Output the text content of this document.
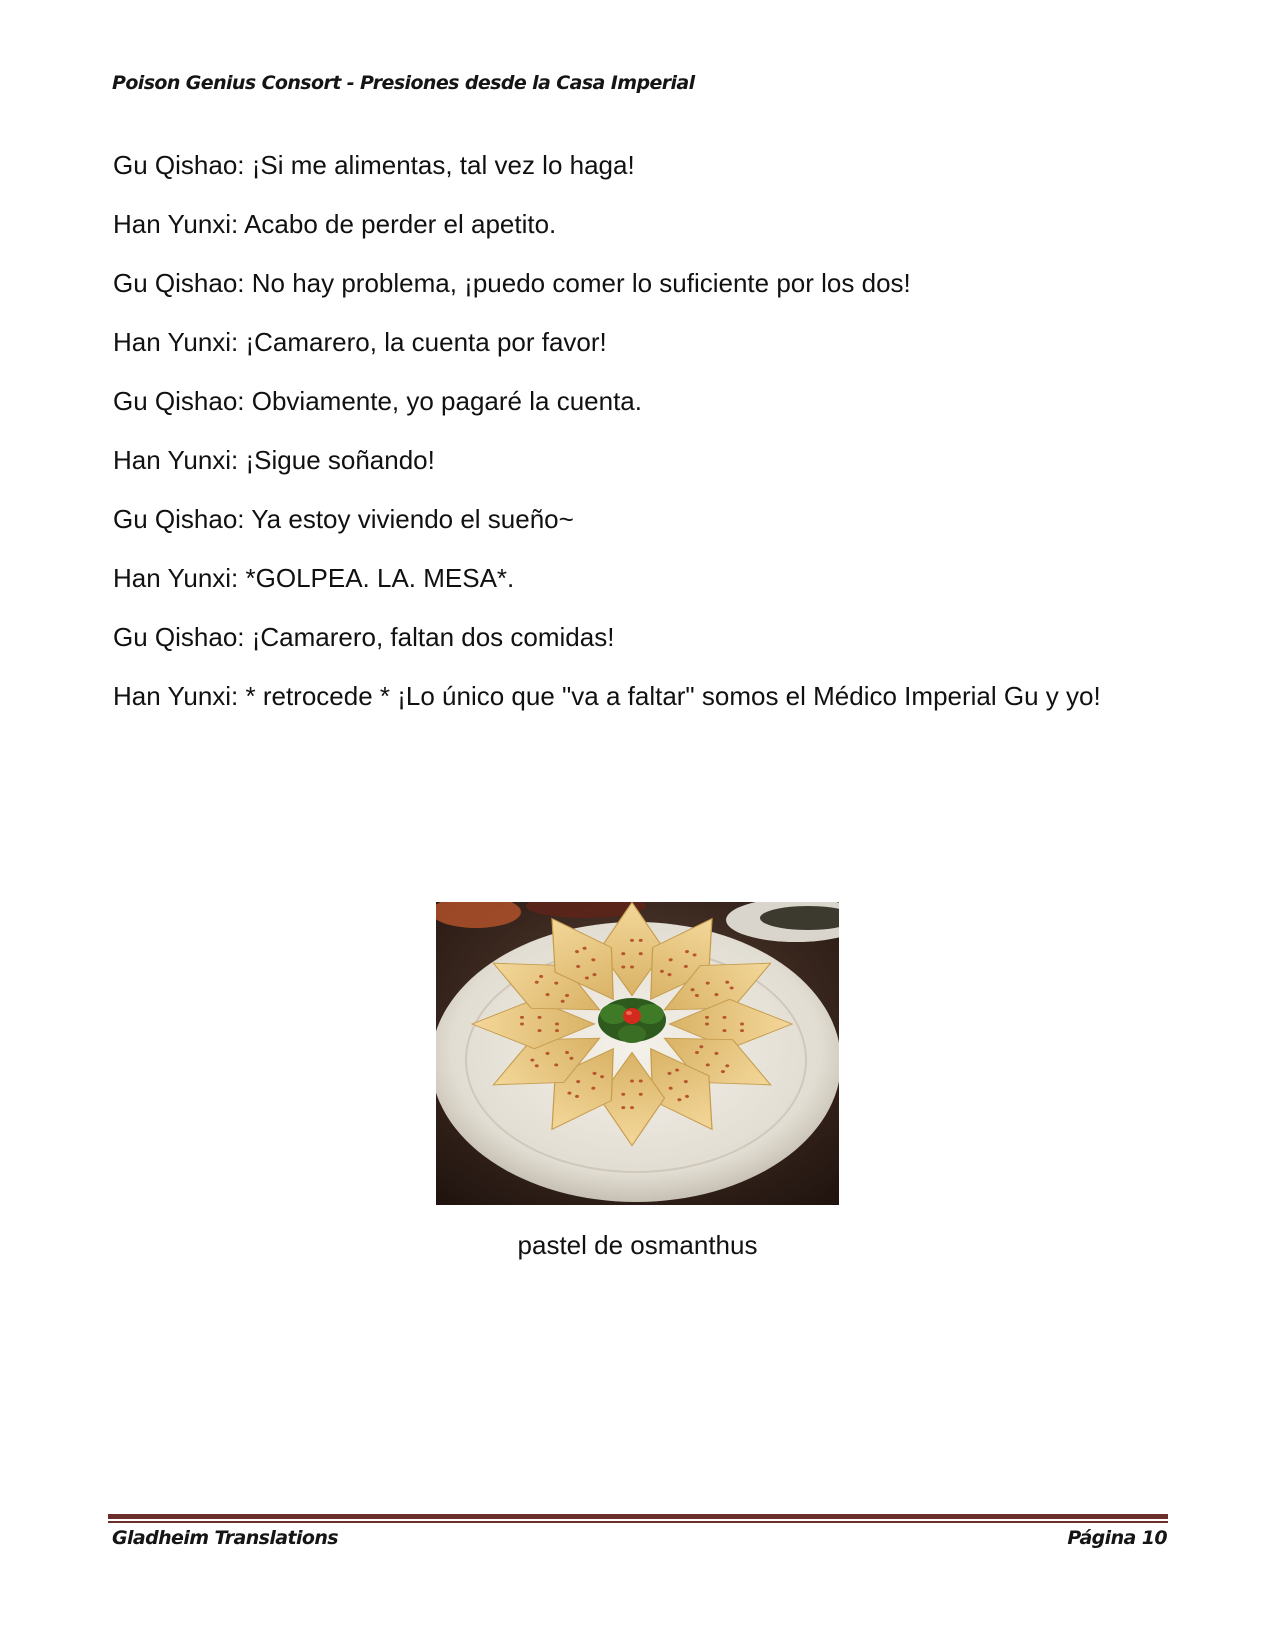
Poison Genius Consort - Presiones desde la Casa Imperial

Gu Qishao: ¡Si me alimentas, tal vez lo haga!

Han Yunxi: Acabo de perder el apetito.

Gu Qishao: No hay problema, ¡puedo comer lo suficiente por los dos!

Han Yunxi: ¡Camarero, la cuenta por favor!

Gu Qishao: Obviamente, yo pagaré la cuenta.

Han Yunxi: ¡Sigue soñando!

Gu Qishao: Ya estoy viviendo el sueño~

Han Yunxi: *GOLPEA. LA. MESA*.

Gu Qishao: ¡Camarero, faltan dos comidas!

Han Yunxi: * retrocede * ¡Lo único que "va a faltar" somos el Médico Imperial Gu y yo!

pastel de osmanthus
Gladheim Translations	Página 10
